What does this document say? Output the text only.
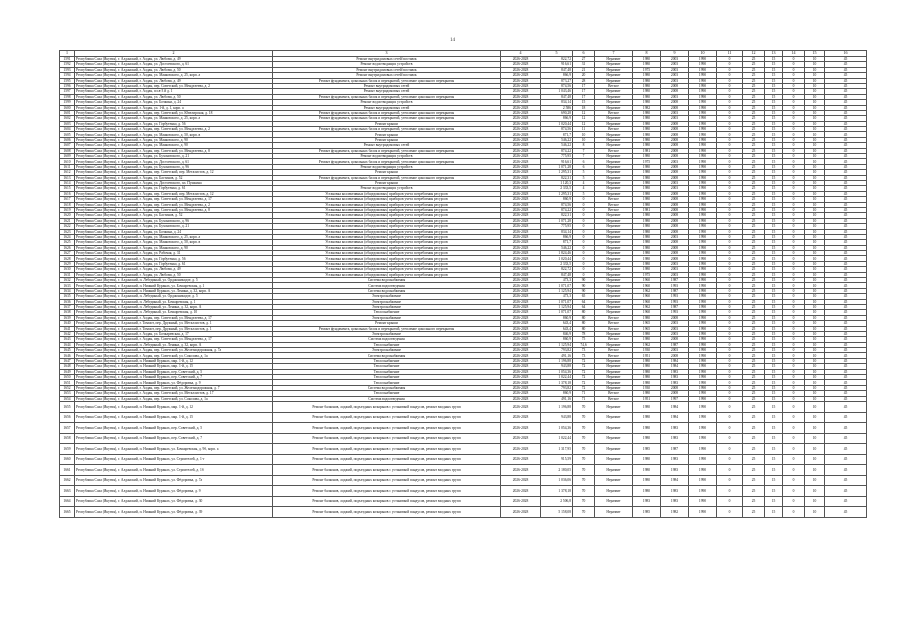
14
1	2	3	4	5	6	7	8	9	10	11	12	13	14	15	16
1591	Республика Саха (Якутия), г. Алданский, г. Алдан, ул. Любови, д. 49	Ремонт внутридомовых сетей/поставок	2026-2028	822,72	27	Неразвит	1980	2003	1990	0	25	15	0	10	45
1592	Республика Саха (Якутия), г. Алданский, г. Алдан, ул. Достоевского, д. 61	Ремонт водоотводящих устройств	2026-2028	916,61	31	Неразвит	1980	2003	1990	0	25	15	0	10	45
1593	Республика Саха (Якутия), г. Алданский, г. Алдан, ул. Любови, д. 50	Ремонт внутридомовых сетей/поставок	2026-2028	847,48	21	Неразвит	1975	2003	1990	0	25	15	0	10	45
1594	Республика Саха (Якутия), г. Алданский, г. Алдан, ул. Маяковского, д. 25, корп. а	Ремонт внутридомовых сетей/поставок	2026-2028	866,9	20	Неразвит	1980	2003	1990	0	25	15	0	10	45
1595	Республика Саха (Якутия), г. Алданский, г. Алдан, ул. Любови, д. 49	Ремонт фундамента, цокольных балок и перекрытий, утепление цокольного перекрытия	2026-2028	873,27	28	Неразвит	1980	2003	1990	0	25	15	0	10	45
1596	Республика Саха (Якутия), г. Алданский, г. Алдан, пер. Советский, ул. Менделеева, д. 2	Ремонт внутридомовых сетей	2026-2028	874,56	17	Ветхое	1980	2008	1990	0	25	15	0	10	45
1597	Республика Саха (Якутия), г. Алданский, г. Алдан, пл.в-3 й д. 1	Ремонт внутридомовых сетей	2026-2028	1 043,46	17	Неразвит	1980	2008	1990	0	25	15	0	10	45
1598	Республика Саха (Якутия), г. Алданский, г. Алдан, ул. Любови, д. 50	Ремонт фундамента, цокольных балок и перекрытий, утепление цокольного перекрытия	2026-2028	847,48	17	Неразвит	1980	2003	1990	0	25	15	0	10	45
1599	Республика Саха (Якутия), г. Алданский, г. Алдан, ул. Бочкина, д. 24	Ремонт водоотводящих устройств	2026-2028	834,14	15	Неразвит	1980	2008	1990	0	25	15	0	10	45
1600	Республика Саха (Якутия), г. Алданский, г. Алдан, ул. 1-й, д. 1, корп. а	Ремонт внутридомовых сетей	2026-2028	2 586	18	Неразвит	1982	2008	1990	0	25	15	0	10	45
1601	Республика Саха (Якутия), г. Алданский, г. Алдан, пер. Советский, ул. Ювелирская, д. 18	Ремонт фундамента, цокольных балок и перекрытий, утепление цокольного перекрытия	2026-2028	690,28	12	Ветхое	1980	2003	1990	0	25	15	0	10	45
1602	Республика Саха (Якутия), г. Алданский, г. Алдан, ул. Маяковского, д. 25, корп. а	Ремонт фундамента, цокольных балок и перекрытий, утепление цокольного перекрытия	2026-2028	866,9	12	Неразвит	1980	2003	1990	0	25	15	0	10	45
1603	Республика Саха (Якутия), г. Алданский, г. Алдан, ул. Горбутенко, д. 56	Ремонт крыши	2026-2028	1 020,44	12	Неразвит	1980	2008	1990	0	25	15	0	10	45
1604	Республика Саха (Якутия), г. Алданский, г. Алдан, пер. Советский, ул. Менделеева, д. 2	Ремонт фундамента, цокольных балок и перекрытий, утепление цокольного перекрытия	2026-2028	874,56	11	Ветхое	1980	2008	1990	0	25	15	0	10	45
1605	Республика Саха (Якутия), г. Алданский, г. Алдан, ул. Маяковского, д. 50, корп. в	Ремонт крыши	2026-2028	871,7	10	Неразвит	1980	2008	1990	0	25	15	0	10	45
1606	Республика Саха (Якутия), г. Алданский, г. Алдан, ул. Маяковского, д. 90	Ремонт крыши	2026-2028	546,22	10	Неразвит	1980	2008	1990	0	25	15	0	10	45
1607	Республика Саха (Якутия), г. Алданский, г. Алдан, ул. Маяковского, д. 90	Ремонт внутридомовых сетей	2026-2028	546,22	8	Неразвит	1980	2008	1990	0	25	15	0	10	45
1608	Республика Саха (Якутия), г. Алданский, г. Алдан, пер. Советский, ул. Менделеева, д. 8	Ремонт фундамента, цокольных балок и перекрытий, утепление цокольного перекрытия	2026-2028	874,22	7	Ветхое	1981	2008	1990	0	25	15	0	10	45
1609	Республика Саха (Якутия), г. Алданский, г. Алдан, ул. Бухоновского, д. 21	Ремонт водоотводящих устройств	2026-2028	775,95	7	Неразвит	1980	2008	1990	0	25	15	0	10	45
1610	Республика Саха (Якутия), г. Алданский, г. Алдан, ул. Достоевского, д. 61	Ремонт фундамента, цокольных балок и перекрытий, утепление цокольного перекрытия	2026-2028	916,61	6	Неразвит	1975	2003	1990	0	25	15	0	10	45
1611	Республика Саха (Якутия), г. Алданский, г. Алдан, ул. Бухоновского, д. 96	Ремонт водоотводящих устройств	2026-2028	1 071,28	6	Неразвит	1980	2008	1990	0	25	15	0	10	45
1612	Республика Саха (Якутия), г. Алданский, г. Алдан, пер. Советский, пер. Металистов, д. 12	Ремонт крыши	2026-2028	1 295,31	5	Неразвит	1980	2008	1990	0	25	15	0	10	45
1613	Республика Саха (Якутия), г. Алданский, г. Алдан, ул. Бастинов, д. 52	Ремонт фундамента, цокольных балок и перекрытий, утепление цокольного перекрытия	2026-2028	822,31	5	Неразвит	1980	2008	1990	0	25	15	0	10	45
1614	Республика Саха (Якутия), г. Алданский, г. Алдан, ул. Достоевского, пл. Пушкина	Ремонт крыши	2026-2028	1 120,3	4	Неразвит	1980	2003	1990	0	25	15	0	10	45
1615	Республика Саха (Якутия), г. Алданский, г. Алдан, ул. Горбутенко, д. 61	Ремонт водоотводящих устройств	2026-2028	2 333,5	4	Неразвит	1980	2003	1990	0	25	15	0	10	45
1616	Республика Саха (Якутия), г. Алданский, г. Алдан, пер. Советский, пер. Металистов, д. 12	Установка коллективных (общедомовых) приборов учета потребления ресурсов	2026-2028	1 295,31	5	Неразвит	1980	2008	1990	0	25	15	0	10	45
1617	Республика Саха (Якутия), г. Алданский, г. Алдан, пер. Советский, ул. Менделеева, д. 17	Установка коллективных (общедомовых) приборов учета потребления ресурсов	2026-2028	860,9	0	Ветхое	1980	2008	1990	0	25	15	0	10	45
1618	Республика Саха (Якутия), г. Алданский, г. Алдан, пер. Советский, ул. Менделеева, д. 2	Установка коллективных (общедомовых) приборов учета потребления ресурсов	2026-2028	874,56	0	Ветхое	1980	2008	1990	0	25	15	0	10	45
1619	Республика Саха (Якутия), г. Алданский, г. Алдан, пер. Советский, ул. Менделеева, д. 8	Установка коллективных (общедомовых) приборов учета потребления ресурсов	2026-2028	874,22	0	Ветхое	1981	2008	1990	0	25	15	0	10	45
1620	Республика Саха (Якутия), г. Алданский, г. Алдан, ул. Бастинов, д. 52	Установка коллективных (общедомовых) приборов учета потребления ресурсов	2026-2028	822,31	0	Неразвит	1980	2008	1990	0	25	15	0	10	45
1621	Республика Саха (Якутия), г. Алданский, г. Алдан, ул. Бухоновского, д. 96	Установка коллективных (общедомовых) приборов учета потребления ресурсов	2026-2028	1 071,28	0	Неразвит	1980	2008	1990	0	25	15	0	10	45
1622	Республика Саха (Якутия), г. Алданский, г. Алдан, ул. Бухоновского, д. 21	Установка коллективных (общедомовых) приборов учета потребления ресурсов	2026-2028	775,95	0	Неразвит	1980	2008	1990	0	25	15	0	10	45
1623	Республика Саха (Якутия), г. Алданский, г. Алдан, ул. Бочкина, д. 24	Установка коллективных (общедомовых) приборов учета потребления ресурсов	2026-2028	834,14	0	Неразвит	1980	2008	1990	0	25	15	0	10	45
1624	Республика Саха (Якутия), г. Алданский, г. Алдан, ул. Маяковского, д. 25, корп. а	Установка коллективных (общедомовых) приборов учета потребления ресурсов	2026-2028	866,9	0	Неразвит	1980	2003	1990	0	25	15	0	10	45
1625	Республика Саха (Якутия), г. Алданский, г. Алдан, ул. Маяковского, д. 50, корп. в	Установка коллективных (общедомовых) приборов учета потребления ресурсов	2026-2028	871,7	0	Неразвит	1980	2008	1990	0	25	15	0	10	45
1626	Республика Саха (Якутия), г. Алданский, г. Алдан, ул. Маяковского, д. 90	Установка коллективных (общедомовых) приборов учета потребления ресурсов	2026-2028	546,22	0	Неразвит	1980	2008	1990	0	25	15	0	10	45
1627	Республика Саха (Якутия), г. Алданский, г. Алдан, ул. Рабочая, д. 31	Установка коллективных (общедомовых) приборов учета потребления ресурсов	2026-2028	1 824,46	0	Неразвит	1980	2008	1990	0	25	15	0	10	45
1628	Республика Саха (Якутия), г. Алданский, г. Алдан, ул. Горбутенко, д. 56	Установка коллективных (общедомовых) приборов учета потребления ресурсов	2026-2028	1 020,44	0	Неразвит	1980	2008	1990	0	25	15	0	10	45
1629	Республика Саха (Якутия), г. Алданский, г. Алдан, ул. Горбутенко, д. 61	Установка коллективных (общедомовых) приборов учета потребления ресурсов	2026-2028	2 333,5	0	Неразвит	1980	2003	1990	0	25	15	0	10	45
1630	Республика Саха (Якутия), г. Алданский, г. Алдан, ул. Любови, д. 49	Установка коллективных (общедомовых) приборов учета потребления ресурсов	2026-2028	822,72	0	Неразвит	1980	2003	1990	0	25	15	0	10	45
1631	Республика Саха (Якутия), г. Алданский, г. Алдан, ул. Любови, д. 50	Установка коллективных (общедомовых) приборов учета потребления ресурсов	2026-2028	847,48	0	Неразвит	1975	2003	1990	0	25	15	0	10	45
1632	Республика Саха (Якутия), г. Алданский, п. Лебединый, ул. Орджоникидзе, д. 5	Система водоснабжения	2026-2028	473,3	90	Неразвит	1960	1987	1990	0	25	15	0	10	45
1633	Республика Саха (Якутия), г. Алданский, п. Нижний Куранах, ул. Бочкаревская, д. 1	Система водоотведения	2026-2028	1 071,07	90	Неразвит	1960	1993	1990	0	25	15	0	10	45
1634	Республика Саха (Якутия), г. Алданский, п. Нижний Куранах, ул. Ленина, д. 32, корп. А	Система водоснабжения	2026-2028	1 125,94	90	Неразвит	1962	1987	1990	0	25	15	0	10	45
1635	Республика Саха (Якутия), г. Алданский, п. Лебединый, ул. Орджоникидзе, д. 5	Электроснабжение	2026-2028	473,3	65	Неразвит	1960	1993	1990	0	25	15	0	10	45
1636	Республика Саха (Якутия), г. Алданский, п. Лебединый, ул. Бочкаревская, д. 1	Электроснабжение	2026-2028	1 071,07	64	Неразвит	1960	1993	1990	0	25	15	0	10	45
1637	Республика Саха (Якутия), г. Алданский, п. Лебединый, ул. Ленина, д. 32, корп. А	Электроснабжение	2026-2028	1 125,94	64	Неразвит	1962	1987	1990	0	25	15	0	10	45
1638	Республика Саха (Якутия), г. Алданский, п. Лебединый, ул. Бочкаревская, д. 10	Теплоснабжение	2026-2028	1 071,07	80	Неразвит	1960	1993	1990	0	25	15	0	10	45
1639	Республика Саха (Якутия), г. Алданский, г. Алдан, пер. Советский, ул. Менделеева, д. 17	Электроснабжение	2026-2028	860,9	80	Ветхое	1980	2008	1990	0	25	15	0	10	45
1640	Республика Саха (Якутия), г. Алданский, г. Томмот, пер. Дружный, ул. Металлистов, д. 1	Ремонт крыши	2026-2028	643,4	80	Ветхое	1965	2003	1990	0	25	15	0	10	45
1641	Республика Саха (Якутия), г. Алданский, г. Томмот, пер. Дружный, ул. Металлистов, д. 1	Ремонт фундамента, цокольных балок и перекрытий, утепление цокольного перекрытия	2026-2028	643,4	80	Ветхое	1965	2003	1990	0	25	15	0	10	45
1642	Республика Саха (Якутия), г. Алданский, г. Алдан, ул. Бочкаревская, д. 17	Электроснабжение	2026-2028	846,9	78	Неразвит	1980	2003	1990	0	25	15	0	10	45
1643	Республика Саха (Якутия), г. Алданский, г. Алдан, пер. Советский, ул. Менделеева, д. 17	Система водоотведения	2026-2028	860,9	75	Ветхое	1980	2008	1990	0	25	15	0	10	45
1644	Республика Саха (Якутия), г. Алданский, п. Лебединый, ул. Ленина, д. 32, корп. А	Теплоснабжение	2026-2028	1 125,94	74,6	Неразвит	1962	1987	1990	0	25	15	0	10	45
1645	Республика Саха (Якутия), г. Алданский, г. Алдан, пер. Советский, ул. Железнодорожная, д. 7а	Электроснабжение	2026-2028	793,82	73	Ветхое	1930	2003	1990	0	25	15	0	10	45
1646	Республика Саха (Якутия), г. Алданский, г. Алдан, пер. Советский, ул. Соколова, д. 1а	Система водоснабжения	2026-2028	491,16	73	Ветхое	1951	2008	1990	0	25	15	0	10	45
1647	Республика Саха (Якутия), г. Алданский, п. Нижний Куранах, мкр. 1-й, д. 12	Теплоснабжение	2026-2028	1 196,88	72	Неразвит	1980	1984	1990	0	25	15	0	10	45
1648	Республика Саха (Якутия), г. Алданский, п. Нижний Куранах, мкр. 1-й, д. 15	Теплоснабжение	2026-2028	943,88	72	Неразвит	1980	1984	1990	0	25	15	0	10	45
1649	Республика Саха (Якутия), г. Алданский, п. Нижний Куранах, пер. Советский, д. 5	Теплоснабжение	2026-2028	1 054,36	72	Неразвит	1980	1983	1990	0	25	15	0	10	45
1650	Республика Саха (Якутия), г. Алданский, п. Нижний Куранах, пер. Советский, д. 7	Теплоснабжение	2026-2028	1 022,44	72	Неразвит	1980	1983	1990	0	25	15	0	10	45
1651	Республика Саха (Якутия), г. Алданский, п. Нижний Куранах, ул. Фёдоровка, д. 9	Теплоснабжение	2026-2028	1 378,18	72	Неразвит	1980	1983	1990	0	25	15	0	10	45
1652	Республика Саха (Якутия), г. Алданский, г. Алдан, пер. Советский, ул. Железнодорожная, д. 7	Система водоснабжения	2026-2028	793,82	72	Неразвит	1930	2008	1990	0	25	15	0	10	45
1653	Республика Саха (Якутия), г. Алданский, г. Алдан, пер. Советский, ул. Металлистов, д. 17	Теплоснабжение	2026-2028	860,9	71	Ветхое	1980	2008	1990	0	25	15	0	10	45
1654	Республика Саха (Якутия), г. Алданский, г. Алдан, пер. Советский, ул. Соколова, д. 1а	Система водоотведения	2026-2028	491,16	71	Ветхое	1951	1997	1990	0	25	15	0	10	45
1655	Республика Саха (Якутия), г. Алданский, п. Нижний Куранах, мкр. 1-й, д. 12	Ремонт балконов, лоджий, подъездных козырьков с установкой пандусов, ремонт входных групп	2026-2028	1 196,88	70	Неразвит	1980	1984	1990	0	25	15	0	10	45
1656	Республика Саха (Якутия), г. Алданский, п. Нижний Куранах, мкр. 1-й, д. 15	Ремонт балконов, лоджий, подъездных козырьков с установкой пандусов, ремонт входных групп	2026-2028	943,88	70	Неразвит	1980	1984	1990	0	25	15	0	10	45
1657	Республика Саха (Якутия), г. Алданский, п. Нижний Куранах, пер. Советский, д. 5	Ремонт балконов, лоджий, подъездных козырьков с установкой пандусов, ремонт входных групп	2026-2028	1 054,36	70	Неразвит	1980	1983	1990	0	25	15	0	10	45
1658	Республика Саха (Якутия), г. Алданский, п. Нижний Куранах, пер. Советский, д. 7	Ремонт балконов, лоджий, подъездных козырьков с установкой пандусов, ремонт входных групп	2026-2028	1 022,44	70	Неразвит	1980	1983	1990	0	25	15	0	10	45
1659	Республика Саха (Якутия), г. Алданский, п. Нижний Куранах, ул. Бочкаревская, д. 9б, корп. а	Ремонт балконов, лоджий, подъездных козырьков с установкой пандусов, ремонт входных групп	2026-2028	1 317,95	70	Неразвит	1985	1987	1990	0	25	15	0	10	45
1660	Республика Саха (Якутия), г. Алданский, п. Нижний Куранах, ул. Строителей, д. 1-г	Ремонт балконов, лоджий, подъездных козырьков с установкой пандусов, ремонт входных групп	2026-2028	915,59	70	Неразвит	1980	1983	1990	0	25	15	0	10	45
1661	Республика Саха (Якутия), г. Алданский, п. Нижний Куранах, ул. Строителей, д. 1б	Ремонт балконов, лоджий, подъездных козырьков с установкой пандусов, ремонт входных групп	2026-2028	2 180,05	70	Неразвит	1980	1983	1990	0	25	15	0	10	45
1662	Республика Саха (Якутия), г. Алданский, п. Нижний Куранах, ул. Фёдоровка, д. 7а	Ремонт балконов, лоджий, подъездных козырьков с установкой пандусов, ремонт входных групп	2026-2028	1 036,06	70	Неразвит	1980	1984	1990	0	25	15	0	10	45
1663	Республика Саха (Якутия), г. Алданский, п. Нижний Куранах, ул. Фёдоровка, д. 9	Ремонт балконов, лоджий, подъездных козырьков с установкой пандусов, ремонт входных групп	2026-2028	1 378,18	70	Неразвит	1980	1983	1990	0	25	15	0	10	45
1664	Республика Саха (Якутия), г. Алданский, п. Нижний Куранах, ул. Фёдоровка, д. 30	Ремонт балконов, лоджий, подъездных козырьков с установкой пандусов, ремонт входных групп	2026-2028	2 506,8	70	Неразвит	1983	1983	1990	0	25	15	0	10	45
1665	Республика Саха (Якутия), г. Алданский, п. Нижний Куранах, ул. Фёдоровка, д. 39	Ремонт балконов, лоджий, подъездных козырьков с установкой пандусов, ремонт входных групп	2026-2028	5 158,08	70	Неразвит	1985	1982	1990	0	25	15	0	10	45
